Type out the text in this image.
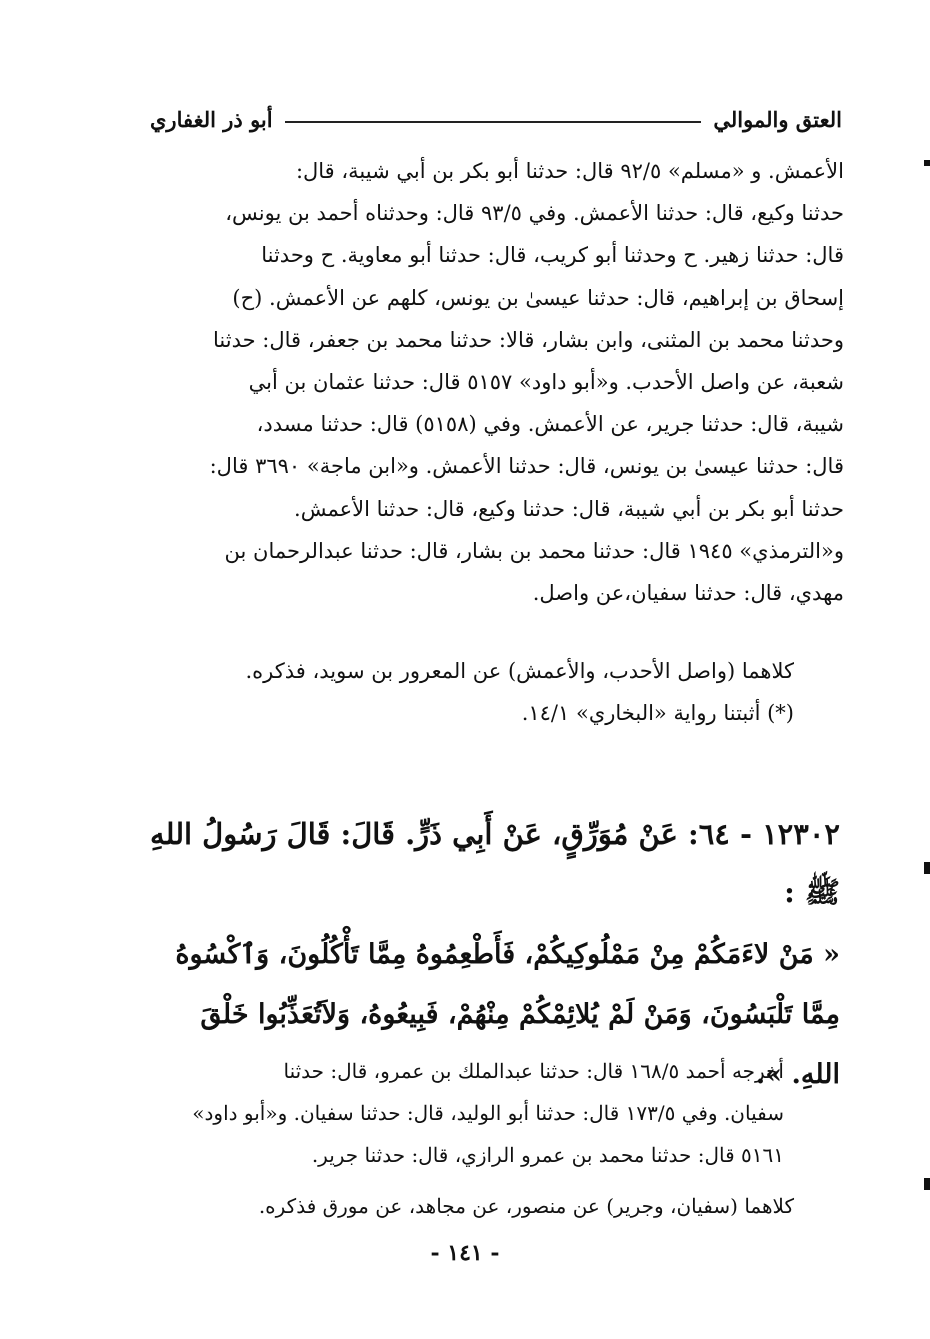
العتق والموالي
أبو ذر الغفاري

الأعمش. و «مسلم» ٩٢/٥ قال: حدثنا أبو بكر بن أبي شيبة، قال:

حدثنا وكيع، قال: حدثنا الأعمش. وفي ٩٣/٥ قال: وحدثناه أحمد بن يونس،

قال: حدثنا زهير. ح وحدثنا أبو كريب، قال: حدثنا أبو معاوية. ح وحدثنا

إسحاق بن إبراهيم، قال: حدثنا عيسىٰ بن يونس، كلهم عن الأعمش. (ح)

وحدثنا محمد بن المثنى، وابن بشار، قالا: حدثنا محمد بن جعفر، قال: حدثنا

شعبة، عن واصل الأحدب. و«أبو داود» ٥١٥٧ قال: حدثنا عثمان بن أبي

شيبة، قال: حدثنا جرير، عن الأعمش. وفي (٥١٥٨) قال: حدثنا مسدد،

قال: حدثنا عيسىٰ بن يونس، قال: حدثنا الأعمش. و«ابن ماجة» ٣٦٩٠ قال:

حدثنا أبو بكر بن أبي شيبة، قال: حدثنا وكيع، قال: حدثنا الأعمش.

و«الترمذي» ١٩٤٥ قال: حدثنا محمد بن بشار، قال: حدثنا عبدالرحمان بن

مهدي، قال: حدثنا سفيان،عن واصل.

كلاهما (واصل الأحدب، والأعمش) عن المعرور بن سويد، فذكره.

(*) أثبتنا رواية «البخاري» ١٤/١.

١٢٣٠٢ - ٦٤: عَنْ مُوَرِّقٍ، عَنْ أَبِي ذَرٍّ. قَالَ: قَالَ رَسُولُ اللهِ

ﷺ :

« مَنْ لاءَمَكُمْ مِنْ مَمْلُوكِيكُمْ، فَأَطْعِمُوهُ مِمَّا تَأْكُلُونَ، وَٱكْسُوهُ

مِمَّا تَلْبَسُونَ، وَمَنْ لَمْ يُلائِمْكُمْ مِنْهُمْ، فَبِيعُوهُ، وَلاَتُعَذِّبُوا خَلْقَ اللهِ. ».

أخرجه أحمد ١٦٨/٥ قال: حدثنا عبدالملك بن عمرو، قال: حدثنا

سفيان. وفي ١٧٣/٥ قال: حدثنا أبو الوليد، قال: حدثنا سفيان. و«أبو داود»

٥١٦١ قال: حدثنا محمد بن عمرو الرازي، قال: حدثنا جرير.

كلاهما (سفيان، وجرير) عن منصور، عن مجاهد، عن مورق فذكره.

- ١٤١ -
